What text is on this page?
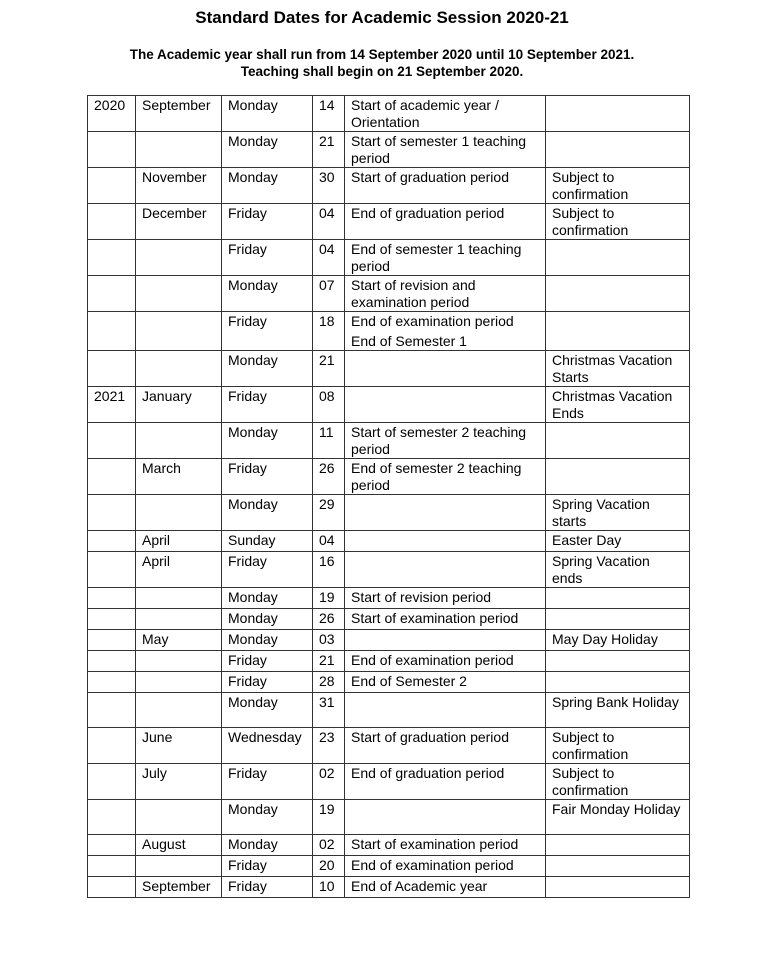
Standard Dates for Academic Session 2020-21
The Academic year shall run from 14 September 2020 until 10 September 2021.
Teaching shall begin on 21 September 2020.
2020	September	Monday	14	Start of academic year / Orientation	

		Monday	21	Start of semester 1 teaching period	

	November	Monday	30	Start of graduation period	Subject to confirmation

	December	Friday	04	End of graduation period	Subject to confirmation

		Friday	04	End of semester 1 teaching period	

		Monday	07	Start of revision and examination period	

		Friday	18	End of examination period
End of Semester 1	

		Monday	21		Christmas Vacation Starts

2021	January	Friday	08		Christmas Vacation Ends

		Monday	11	Start of semester 2 teaching period	

	March	Friday	26	End of semester 2 teaching period	

		Monday	29		Spring Vacation starts

	April	Sunday	04		Easter Day

	April	Friday	16		Spring Vacation ends

		Monday	19	Start of revision period	

		Monday	26	Start of examination period	

	May	Monday	03		May Day Holiday

		Friday	21	End of examination period	

		Friday	28	End of Semester 2	

		Monday	31		Spring Bank Holiday

	June	Wednesday	23	Start of graduation period	Subject to confirmation

	July	Friday	02	End of graduation period	Subject to confirmation

		Monday	19		Fair Monday Holiday

	August	Monday	02	Start of examination period	

		Friday	20	End of examination period	

	September	Friday	10	End of Academic year	
